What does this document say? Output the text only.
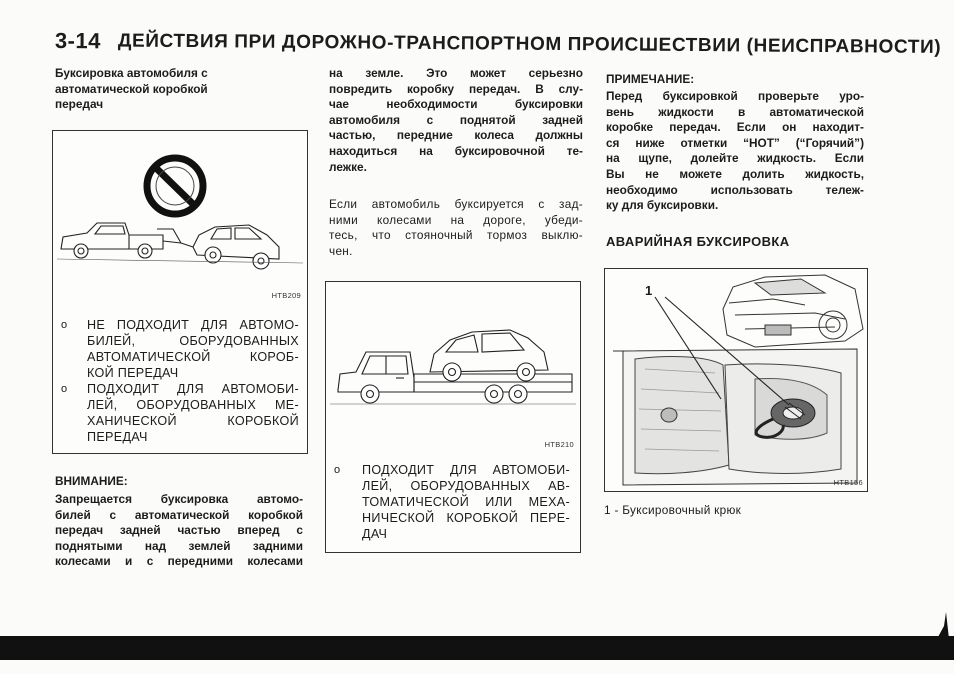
3-14 ДЕЙСТВИЯ ПРИ ДОРОЖНО-ТРАНСПОРТНОМ ПРОИСШЕСТВИИ (НЕИСПРАВНОСТИ)
Буксировка автомобиля с
автоматической коробкой
передач
HTB209
o	НЕ ПОДХОДИТ ДЛЯ АВТОМО-
БИЛЕЙ, ОБОРУДОВАННЫХ
АВТОМАТИЧЕСКОЙ КОРОБ-
КОЙ ПЕРЕДАЧ
o	ПОДХОДИТ ДЛЯ АВТОМОБИ-
ЛЕЙ, ОБОРУДОВАННЫХ МЕ-
ХАНИЧЕСКОЙ КОРОБКОЙ
ПЕРЕДАЧ
ВНИМАНИЕ:
Запрещается буксировка автомо-
билей с автоматической коробкой
передач задней частью вперед с
поднятыми над землей задними
колесами и с передними колесами
на земле. Это может серьезно
повредить коробку передач. В слу-
чае необходимости буксировки
автомобиля с поднятой задней
частью, передние колеса должны
находиться на буксировочной те-
лежке.
Если автомобиль буксируется с зад-
ними колесами на дороге, убеди-
тесь, что стояночный тормоз выклю-
чен.
HTB210
o	ПОДХОДИТ ДЛЯ АВТОМОБИ-
ЛЕЙ, ОБОРУДОВАННЫХ АВ-
ТОМАТИЧЕСКОЙ ИЛИ МЕХА-
НИЧЕСКОЙ КОРОБКОЙ ПЕРЕ-
ДАЧ
ПРИМЕЧАНИЕ:
Перед буксировкой проверьте уро-
вень жидкости в автоматической
коробке передач. Если он находит-
ся ниже отметки “НОТ” (“Горячий”)
на щупе, долейте жидкость. Если
Вы не можете долить жидкость,
необходимо использовать тележ-
ку для буксировки.
АВАРИЙНАЯ БУКСИРОВКА
1
HTB156
1 - Буксировочный крюк
